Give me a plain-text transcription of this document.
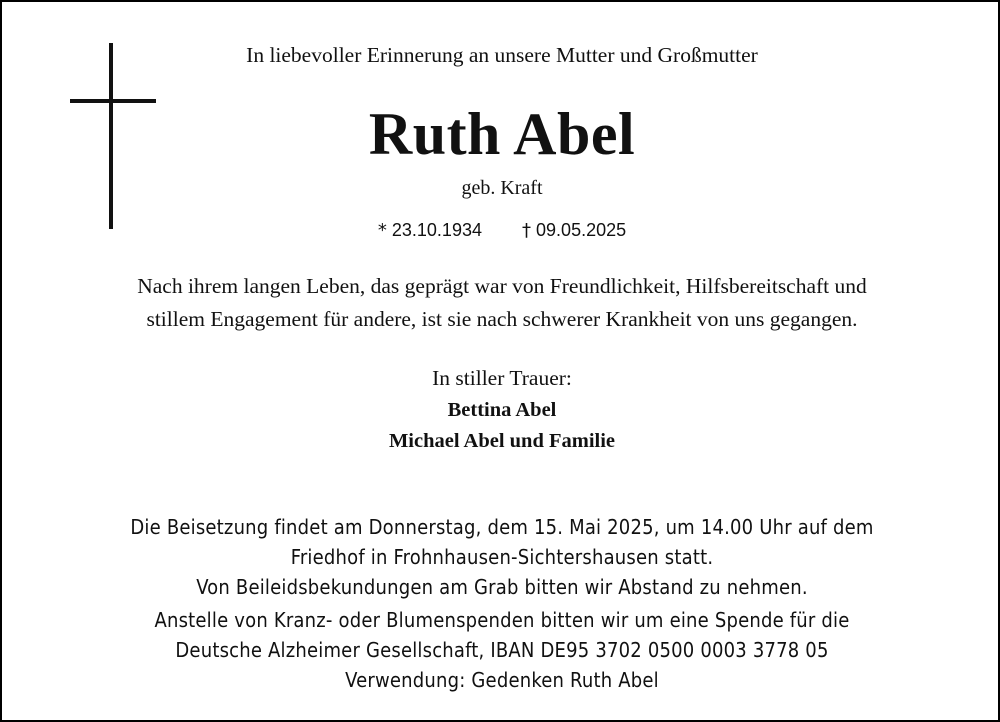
In liebevoller Erinnerung an unsere Mutter und Großmutter
Ruth Abel
geb. Kraft
* 23.10.1934 † 09.05.2025
Nach ihrem langen Leben, das geprägt war von Freundlichkeit, Hilfsbereitschaft und
stillem Engagement für andere, ist sie nach schwerer Krankheit von uns gegangen.
In stiller Trauer:
Bettina Abel
Michael Abel und Familie
Die Beisetzung findet am Donnerstag, dem 15. Mai 2025, um 14.00 Uhr auf dem
Friedhof in Frohnhausen-Sichtershausen statt.
Von Beileidsbekundungen am Grab bitten wir Abstand zu nehmen.
Anstelle von Kranz- oder Blumenspenden bitten wir um eine Spende für die
Deutsche Alzheimer Gesellschaft, IBAN DE95 3702 0500 0003 3778 05
Verwendung: Gedenken Ruth Abel
